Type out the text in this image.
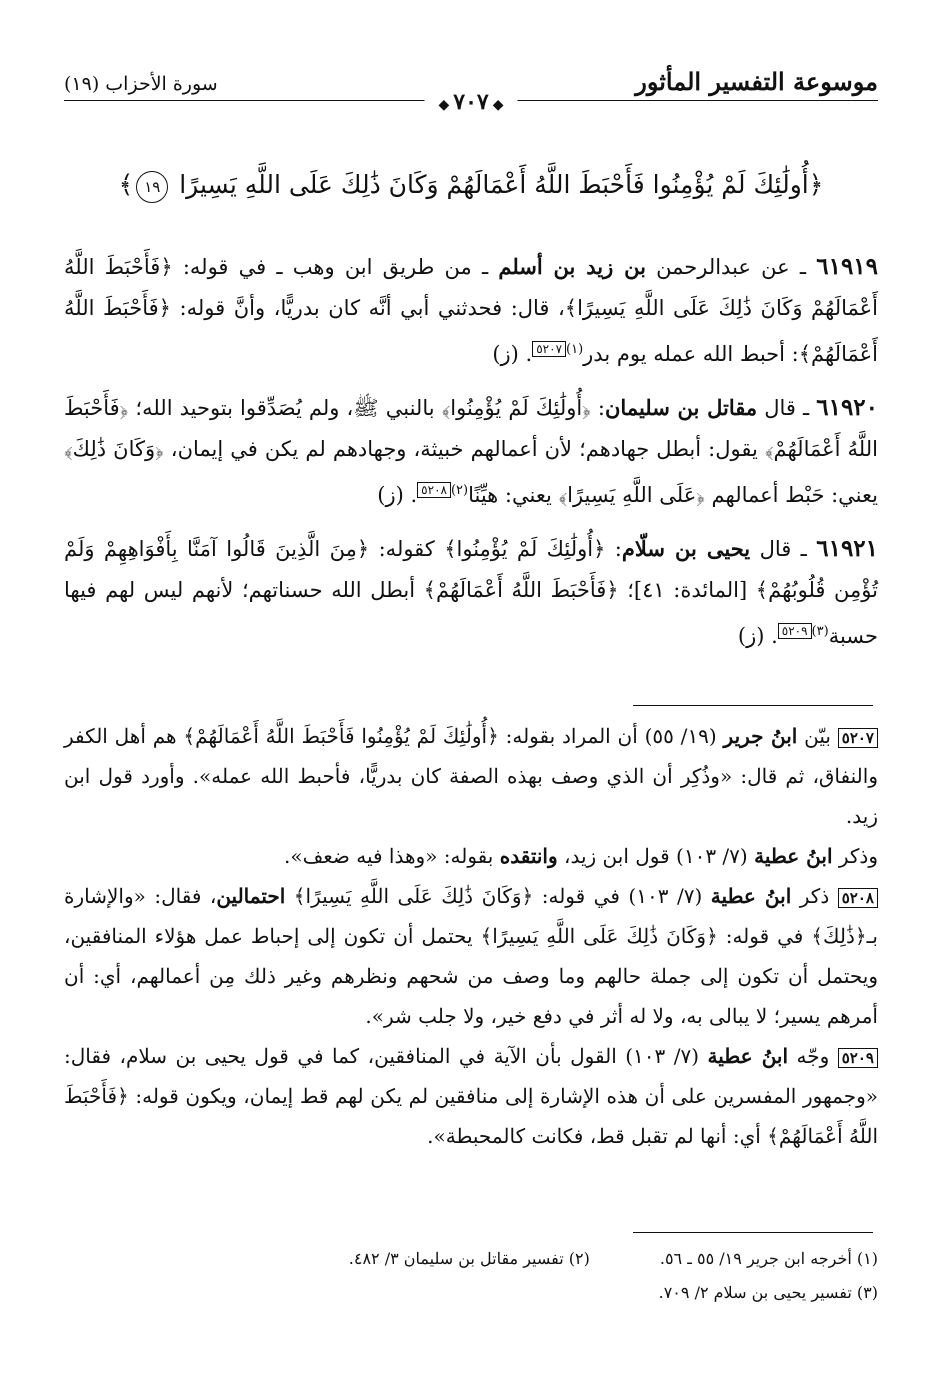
موسوعة التفسير المأثور
سورة الأحزاب (١٩)
◆٧٠٧◆
﴿أُولَٰئِكَ لَمْ يُؤْمِنُوا فَأَحْبَطَ اللَّهُ أَعْمَالَهُمْ وَكَانَ ذَٰلِكَ عَلَى اللَّهِ يَسِيرًا ١٩﴾

٦١٩١٩ ـ عن عبدالرحمن بن زيد بن أسلم ـ من طريق ابن وهب ـ في قوله: ﴿فَأَحْبَطَ اللَّهُ أَعْمَالَهُمْ وَكَانَ ذَٰلِكَ عَلَى اللَّهِ يَسِيرًا﴾، قال: فحدثني أبي أنَّه كان بدريًّا، وأنَّ قوله: ﴿فَأَحْبَطَ اللَّهُ أَعْمَالَهُمْ﴾: أحبط الله عمله يوم بدر$^{(١)}$٥٢٠٧. (ز)

٦١٩٢٠ ـ قال مقاتل بن سليمان: ﴿أُولَٰئِكَ لَمْ يُؤْمِنُوا﴾ بالنبي ﷺ، ولم يُصَدِّقوا بتوحيد الله؛ ﴿فَأَحْبَطَ اللَّهُ أَعْمَالَهُمْ﴾ يقول: أبطل جهادهم؛ لأن أعمالهم خبيثة، وجهادهم لم يكن في إيمان، ﴿وَكَانَ ذَٰلِكَ﴾ يعني: حَبْط أعمالهم ﴿عَلَى اللَّهِ يَسِيرًا﴾ يعني: هيِّنًا$^{(٢)}$٥٢٠٨. (ز)

٦١٩٢١ ـ قال يحيى بن سلّام: ﴿أُولَٰئِكَ لَمْ يُؤْمِنُوا﴾ كقوله: ﴿مِنَ الَّذِينَ قَالُوا آمَنَّا بِأَفْوَاهِهِمْ وَلَمْ تُؤْمِن قُلُوبُهُمْ﴾ [المائدة: ٤١]؛ ﴿فَأَحْبَطَ اللَّهُ أَعْمَالَهُمْ﴾ أبطل الله حسناتهم؛ لأنهم ليس لهم فيها حسبة$^{(٣)}$٥٢٠٩. (ز)

٥٢٠٧ بيّن ابنُ جرير (١٩/ ٥٥) أن المراد بقوله: ﴿أُولَٰئِكَ لَمْ يُؤْمِنُوا فَأَحْبَطَ اللَّهُ أَعْمَالَهُمْ﴾ هم أهل الكفر والنفاق، ثم قال: «وذُكِر أن الذي وصف بهذه الصفة كان بدريًّا، فأحبط الله عمله». وأورد قول ابن زيد.

وذكر ابنُ عطية (٧/ ١٠٣) قول ابن زيد، وانتقده بقوله: «وهذا فيه ضعف».

٥٢٠٨ ذكر ابنُ عطية (٧/ ١٠٣) في قوله: ﴿وَكَانَ ذَٰلِكَ عَلَى اللَّهِ يَسِيرًا﴾ احتمالين، فقال: «والإشارة بـ﴿ذَٰلِكَ﴾ في قوله: ﴿وَكَانَ ذَٰلِكَ عَلَى اللَّهِ يَسِيرًا﴾ يحتمل أن تكون إلى إحباط عمل هؤلاء المنافقين، ويحتمل أن تكون إلى جملة حالهم وما وصف من شحهم ونظرهم وغير ذلك مِن أعمالهم، أي: أن أمرهم يسير؛ لا يبالى به، ولا له أثر في دفع خير، ولا جلب شر».

٥٢٠٩ وجّه ابنُ عطية (٧/ ١٠٣) القول بأن الآية في المنافقين، كما في قول يحيى بن سلام، فقال: «وجمهور المفسرين على أن هذه الإشارة إلى منافقين لم يكن لهم قط إيمان، ويكون قوله: ﴿فَأَحْبَطَ اللَّهُ أَعْمَالَهُمْ﴾ أي: أنها لم تقبل قط، فكانت كالمحبطة».

(١) أخرجه ابن جرير ١٩/ ٥٥ ـ ٥٦.
(٢) تفسير مقاتل بن سليمان ٣/ ٤٨٢.
(٣) تفسير يحيى بن سلام ٢/ ٧٠٩.
